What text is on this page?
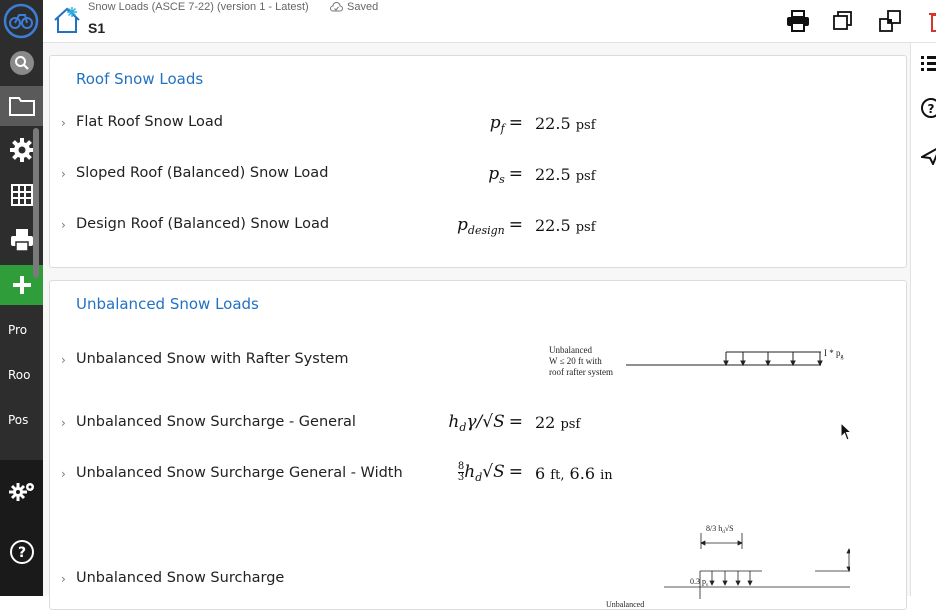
Pro
Roo
Pos
?
Snow Loads (ASCE 7-22) (version 1 - Latest)	Saved
S1
?
Roof Snow Loads
› Flat Roof Snow Load	$p_f = 22.5$ psf
› Sloped Roof (Balanced) Snow Load	$p_s = 22.5$ psf
› Design Roof (Balanced) Snow Load	$p_{design} = 22.5$ psf
Unbalanced Snow Loads
› Unbalanced Snow with Rafter System
Unbalanced
W ≤ 20 ft with
roof rafter system
I * $p_g$
› Unbalanced Snow Surcharge - General	$h_d\gamma/√S = 22$ psf
› Unbalanced Snow Surcharge General - Width	$\frac{8}{3} h_d√S = 6$ ft, 6.6 in
8/3 $h_d√S$
0.3 $p_s$
Unbalanced
› Unbalanced Snow Surcharge
